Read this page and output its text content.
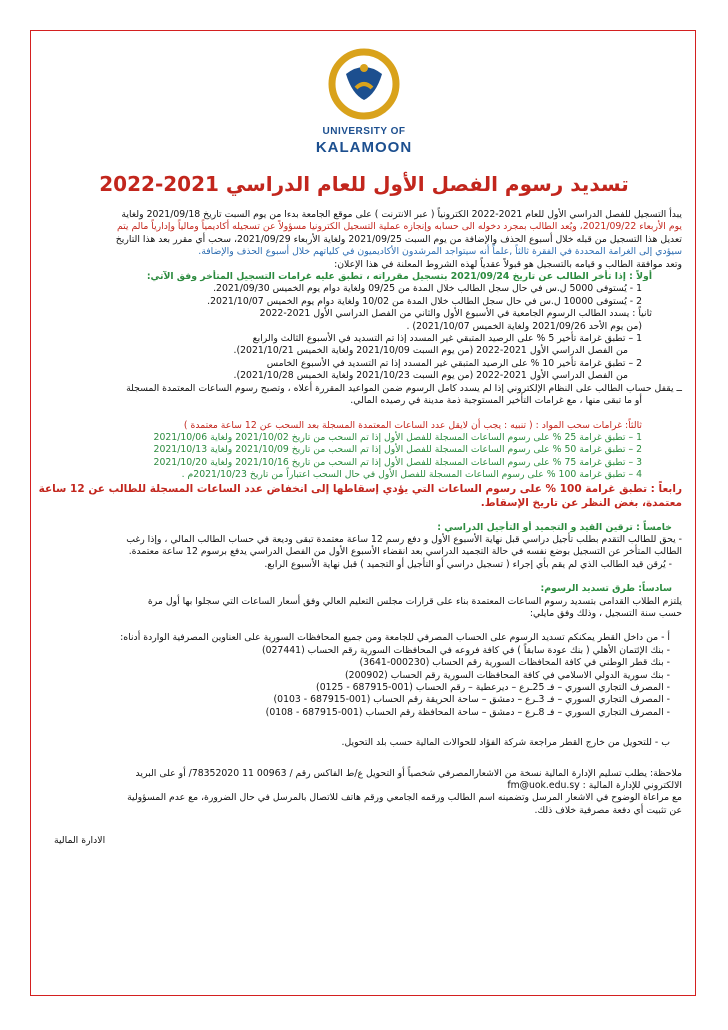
UNIVERSITY OF
KALAMOON
تسديد رسوم الفصل الأول للعام الدراسي 2021-2022
يبدأ التسجيل للفصل الدراسي الأول للعام 2021-2022 الكترونياً ( عبر الانترنت ) على موقع الجامعة بدءا من يوم السبت تاريخ 2021/09/18 ولغاية
يوم الأربعاء 2021/09/22، ويُعد الطالب بمجرد دخوله الى حسابه وإنجازه عملية التسجيل الكترونيا مسؤولاً عن تسجيله أكاديمياً ومالياً وإدارياً مالم يتم
تعديل هذا التسجيل من قبله خلال أسبوع الحذف والإضافة من يوم السبت 2021/09/25 ولغاية الأربعاء 2021/09/29، سحب أي مقرر بعد هذا التاريخ
سيؤدي إلى الغرامة المحددة في الفقرة ثالثاً ,علماً أنه سيتواجد المرشدون الأكاديميون في كلياتهم خلال أسبوع الحذف والإضافة.
وتعد موافقة الطالب و قيامه بالتسجيل هو قبولاً عقدياً لهذه الشروط المعلنة في هذا الإعلان:
أولاً : إذا تأخر الطالب عن تاريخ 2021/09/24 بتسجيل مقرراته ، تطبق عليه غرامات التسجيل المتأخر وفق الآتي:
1 - يُستوفى 5000 ل.س في حال سجل الطالب خلال المدة من 09/25 ولغاية دوام يوم الخميس 2021/09/30.
2 - يُستوفى 10000 ل.س في حال سجل الطالب خلال المدة من 10/02 ولغاية دوام يوم الخميس 2021/10/07.
ثانياً : يسدد الطالب الرسوم الجامعية في الأسبوع الأول والثاني من الفصل الدراسي الأول 2021-2022
(من يوم الأحد 2021/09/26 ولغاية الخميس 2021/10/07) .
1 – تطبق غرامة تأخير 5 % على الرصيد المتبقي غير المسدد إذا تم التسديد في الأسبوع الثالث والرابع
من الفصل الدراسي الأول 2021-2022 (من يوم السبت 2021/10/09 ولغاية الخميس 2021/10/21).
2 – تطبق غرامة تأخير 10 % على الرصيد المتبقي غير المسدد إذا تم التسديد في الأسبوع الخامس
من الفصل الدراسي الأول 2021-2022 (من يوم السبت 2021/10/23 ولغاية الخميس 2021/10/28).
ــ يقفل حساب الطالب على النظام الإلكتروني إذا لم يسدد كامل الرسوم ضمن المواعيد المقررة أعلاه ، وتصبح رسوم الساعات المعتمدة المسجلة
أو ما تبقى منها ، مع غرامات التأخير المستوجبة ذمة مدينة في رصيده المالي.
ثالثاً: غرامات سحب المواد : ( تنبيه : يجب أن لايقل عدد الساعات المعتمدة المسجلة بعد السحب عن 12 ساعة معتمدة )
1 – تطبق غرامة 25 % على رسوم الساعات المسجلة للفصل الأول إذا تم السحب من تاريخ 2021/10/02 ولغاية 2021/10/06
2 – تطبق غرامة 50 % على رسوم الساعات المسجلة للفصل الأول إذا تم السحب من تاريخ 2021/10/09 ولغاية 2021/10/13
3 – تطبق غرامة 75 % على رسوم الساعات المسجلة للفصل الأول إذا تم السحب من تاريخ 2021/10/16 ولغاية 2021/10/20
4 – تطبق غرامة 100 % على رسوم الساعات المسجلة للفصل الأول في حال السحب اعتباراً من تاريخ 2021/10/23م .
رابعاً : تطبق غرامة 100 % على رسوم الساعات التي يؤدي إسقاطها إلى انخفاض عدد الساعات المسجلة للطالب عن 12 ساعة
معتمدة، بغض النظر عن تاريخ الإسقاط.
خامساً : ترقين القيد و التجميد أو التأجيل الدراسي :
- يحق للطالب التقدم بطلب تأجيل دراسي قبل نهاية الأسبوع الأول و دفع رسم 12 ساعة معتمدة تبقى وديعة في حساب الطالب المالي ، وإذا رغب
الطالب المتأخر عن التسجيل بوضع نفسه في حالة التجميد الدراسي بعد انقضاء الأسبوع الأول من الفصل الدراسي يدفع برسوم 12 ساعة معتمدة.
- يُرقن قيد الطالب الذي لم يقم بأي إجراء ( تسجيل دراسي أو التأجيل أو التجميد ) قبل نهاية الأسبوع الرابع.
سادساً: طرق تسديد الرسوم:
يلتزم الطلاب القدامى بتسديد رسوم الساعات المعتمدة بناء على قرارات مجلس التعليم العالي وفق أسعار الساعات التي سجلوا بها أول مرة
حسب سنة التسجيل ، وذلك وفق مايلي:
أ - من داخل القطر يمكنكم تسديد الرسوم على الحساب المصرفي للجامعة ومن جميع المحافظات السورية على العناوين المصرفية الواردة أدناه:
- بنك الإئتمان الأهلي ( بنك عودة سابقاً ) في كافة فروعه في المحافظات السورية رقم الحساب (027441)
- بنك قطر الوطني في كافة المحافظات السورية رقم الحساب (000230-3641)
- بنك سورية الدولي الاسلامي في كافة المحافظات السورية رقم الحساب (200902)
- المصرف التجاري السوري – فـ 25ـرع – ديرعطية – رقم الحساب (001-687915 - 0125)
- المصرف التجاري السوري – فـ 3ـرع – دمشق – ساحة الحريقة رقم الحساب (001-687915 - 0103)
- المصرف التجاري السوري – فـ 8ـرع – دمشق – ساحة المحافظة رقم الحساب (001-687915 - 0108)
ب - للتحويل من خارج القطر مراجعة شركة الفؤاد للحوالات المالية حسب بلد التحويل.
ملاحظة: يطلب تسليم الإدارة المالية نسخة من الاشعارالمصرفي شخصياً أو التحويل ع/ط الفاكس رقم / 00963 11 78352020/ أو على البريد
الالكتروني للإدارة المالية : fm@uok.edu.sy
مع مراعاة الوضوح في الاشعار المرسل وتضمينه اسم الطالب ورقمه الجامعي ورقم هاتف للاتصال بالمرسل في حال الضرورة، مع عدم المسؤولية
عن تثبيت أي دفعة مصرفية خلاف ذلك.
الادارة المالية
